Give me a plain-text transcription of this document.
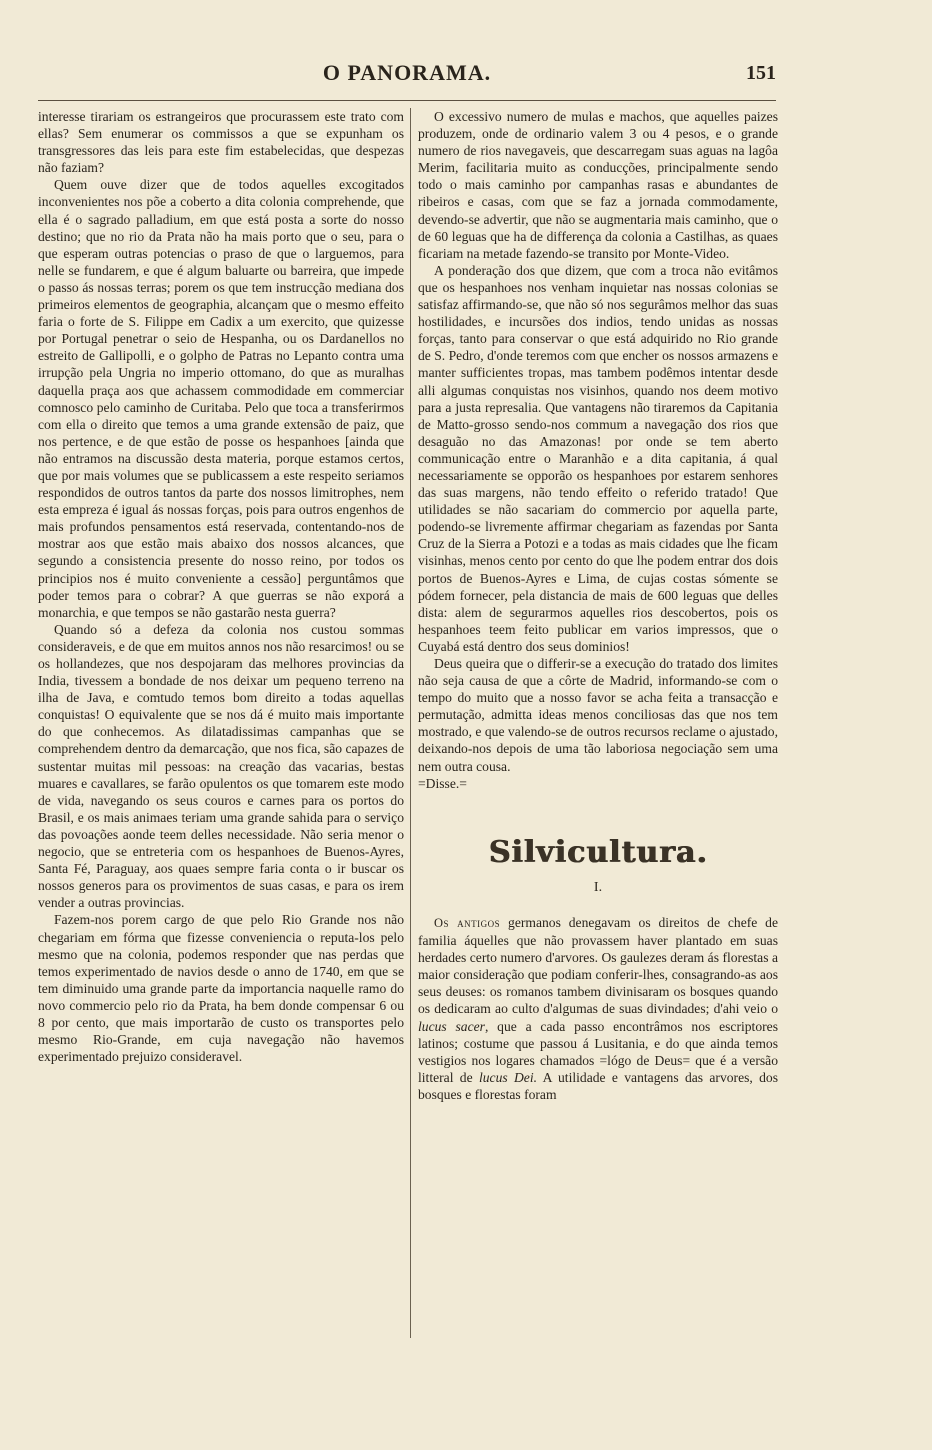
O PANORAMA.	151

interesse tirariam os estrangeiros que procurassem este trato com ellas? Sem enumerar os commissos a que se expunham os transgressores das leis para este fim estabelecidas, que despezas não faziam?

Quem ouve dizer que de todos aquelles excogitados inconvenientes nos põe a coberto a dita colonia comprehende, que ella é o sagrado palladium, em que está posta a sorte do nosso destino; que no rio da Prata não ha mais porto que o seu, para o que esperam outras potencias o praso de que o larguemos, para nelle se fundarem, e que é algum baluarte ou barreira, que impede o passo ás nossas terras; porem os que tem instrucção mediana dos primeiros elementos de geographia, alcançam que o mesmo effeito faria o forte de S. Filippe em Cadix a um exercito, que quizesse por Portugal penetrar o seio de Hespanha, ou os Dardanellos no estreito de Gallipolli, e o golpho de Patras no Lepanto contra uma irrupção pela Ungria no imperio ottomano, do que as muralhas daquella praça aos que achassem commodidade em commerciar comnosco pelo caminho de Curitaba. Pelo que toca a transferirmos com ella o direito que temos a uma grande extensão de paiz, que nos pertence, e de que estão de posse os hespanhoes [ainda que não entramos na discussão desta materia, porque estamos certos, que por mais volumes que se publicassem a este respeito seriamos respondidos de outros tantos da parte dos nossos limitrophes, nem esta empreza é igual ás nossas forças, pois para outros engenhos de mais profundos pensamentos está reservada, contentando-nos de mostrar aos que estão mais abaixo dos nossos alcances, que segundo a consistencia presente do nosso reino, por todos os principios nos é muito conveniente a cessão] perguntâmos que poder temos para o cobrar? A que guerras se não exporá a monarchia, e que tempos se não gastarão nesta guerra?

Quando só a defeza da colonia nos custou sommas consideraveis, e de que em muitos annos nos não resarcimos! ou se os hollandezes, que nos despojaram das melhores provincias da India, tivessem a bondade de nos deixar um pequeno terreno na ilha de Java, e comtudo temos bom direito a todas aquellas conquistas! O equivalente que se nos dá é muito mais importante do que conhecemos. As dilatadissimas campanhas que se comprehendem dentro da demarcação, que nos fica, são capazes de sustentar muitas mil pessoas: na creação das vacarias, bestas muares e cavallares, se farão opulentos os que tomarem este modo de vida, navegando os seus couros e carnes para os portos do Brasil, e os mais animaes teriam uma grande sahida para o serviço das povoações aonde teem delles necessidade. Não seria menor o negocio, que se entreteria com os hespanhoes de Buenos-Ayres, Santa Fé, Paraguay, aos quaes sempre faria conta o ir buscar os nossos generos para os provimentos de suas casas, e para os irem vender a outras provincias.

Fazem-nos porem cargo de que pelo Rio Grande nos não chegariam em fórma que fizesse conveniencia o reputa-los pelo mesmo que na colonia, podemos responder que nas perdas que temos experimentado de navios desde o anno de 1740, em que se tem diminuido uma grande parte da importancia naquelle ramo do novo commercio pelo rio da Prata, ha bem donde compensar 6 ou 8 por cento, que mais importarão de custo os transportes pelo mesmo Rio-Grande, em cuja navegação não havemos experimentado prejuizo consideravel.

O excessivo numero de mulas e machos, que aquelles paizes produzem, onde de ordinario valem 3 ou 4 pesos, e o grande numero de rios navegaveis, que descarregam suas aguas na lagôa Merim, facilitaria muito as conducções, principalmente sendo todo o mais caminho por campanhas rasas e abundantes de ribeiros e casas, com que se faz a jornada commodamente, devendo-se advertir, que não se augmentaria mais caminho, que o de 60 leguas que ha de differença da colonia a Castilhas, as quaes ficariam na metade fazendo-se transito por Monte-Video.

A ponderação dos que dizem, que com a troca não evitâmos que os hespanhoes nos venham inquietar nas nossas colonias se satisfaz affirmando-se, que não só nos segurâmos melhor das suas hostilidades, e incursões dos indios, tendo unidas as nossas forças, tanto para conservar o que está adquirido no Rio grande de S. Pedro, d'onde teremos com que encher os nossos armazens e manter sufficientes tropas, mas tambem podêmos intentar desde alli algumas conquistas nos visinhos, quando nos deem motivo para a justa represalia. Que vantagens não tiraremos da Capitania de Matto-grosso sendo-nos commum a navegação dos rios que desaguão no das Amazonas! por onde se tem aberto communicação entre o Maranhão e a dita capitania, á qual necessariamente se opporão os hespanhoes por estarem senhores das suas margens, não tendo effeito o referido tratado! Que utilidades se não sacariam do commercio por aquella parte, podendo-se livremente affirmar chegariam as fazendas por Santa Cruz de la Sierra a Potozi e a todas as mais cidades que lhe ficam visinhas, menos cento por cento do que lhe podem entrar dos dois portos de Buenos-Ayres e Lima, de cujas costas sómente se pódem fornecer, pela distancia de mais de 600 leguas que delles dista: alem de segurarmos aquelles rios descobertos, pois os hespanhoes teem feito publicar em varios impressos, que o Cuyabá está dentro dos seus dominios!

Deus queira que o differir-se a execução do tratado dos limites não seja causa de que a côrte de Madrid, informando-se com o tempo do muito que a nosso favor se acha feita a transacção e permutação, admitta ideas menos conciliosas das que nos tem mostrado, e que valendo-se de outros recursos reclame o ajustado, deixando-nos depois de uma tão laboriosa negociação sem uma nem outra cousa.

=Disse.=

Silvicultura.
I.

Os antigos germanos denegavam os direitos de chefe de familia áquelles que não provassem haver plantado em suas herdades certo numero d'arvores. Os gaulezes deram ás florestas a maior consideração que podiam conferir-lhes, consagrando-as aos seus deuses: os romanos tambem divinisaram os bosques quando os dedicaram ao culto d'algumas de suas divindades; d'ahi veio o lucus sacer, que a cada passo encontrâmos nos escriptores latinos; costume que passou á Lusitania, e do que ainda temos vestigios nos logares chamados =lógo de Deus= que é a versão litteral de lucus Dei. A utilidade e vantagens das arvores, dos bosques e florestas foram
